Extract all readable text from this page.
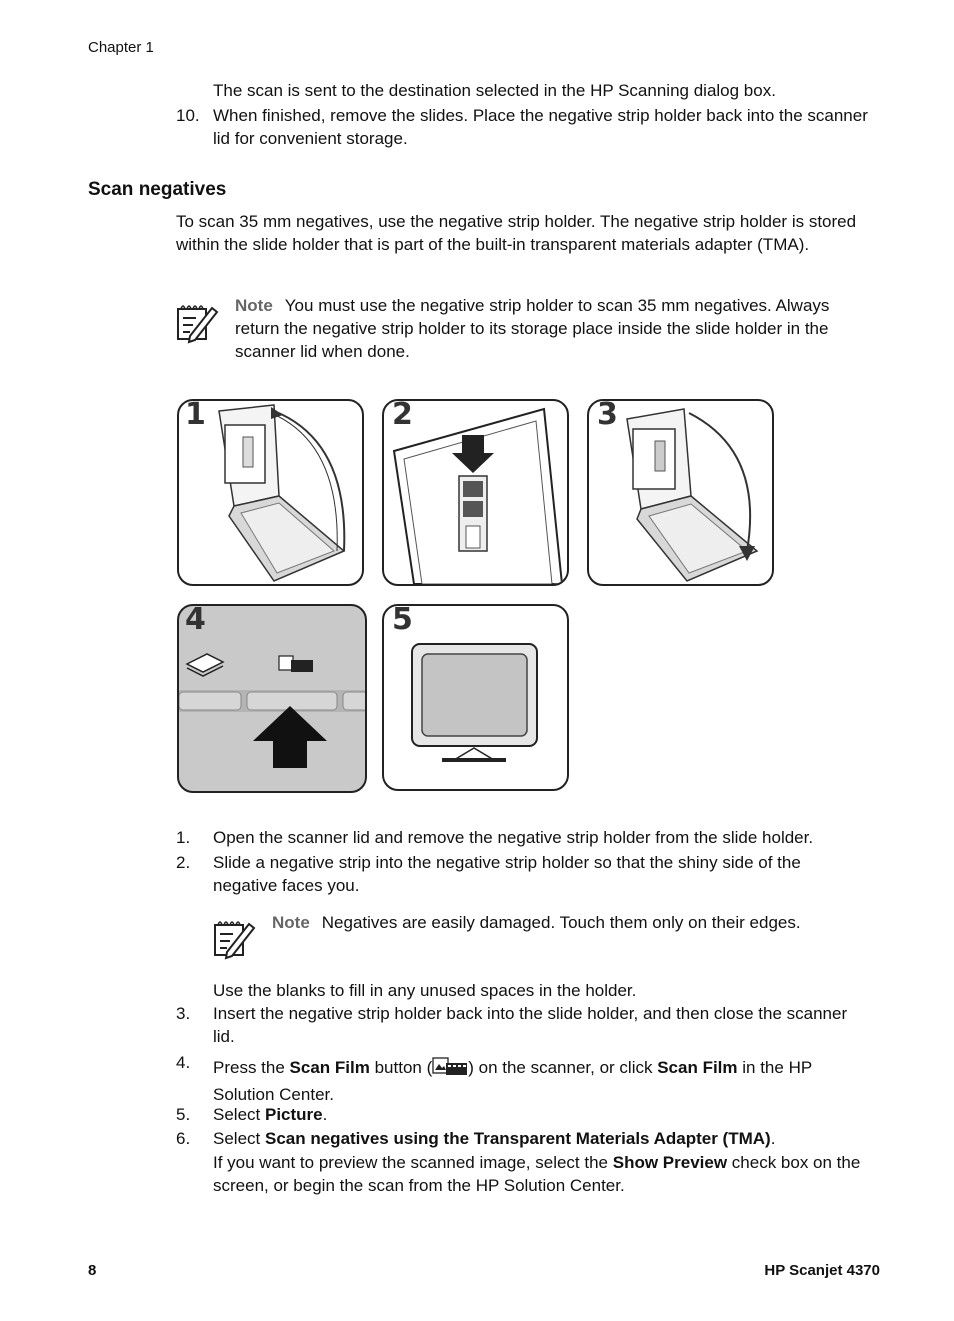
Chapter 1
The scan is sent to the destination selected in the HP Scanning dialog box.
10. When finished, remove the slides. Place the negative strip holder back into the scanner lid for convenient storage.
Scan negatives
To scan 35 mm negatives, use the negative strip holder. The negative strip holder is stored within the slide holder that is part of the built-in transparent materials adapter (TMA).
Note You must use the negative strip holder to scan 35 mm negatives. Always return the negative strip holder to its storage place inside the slide holder in the scanner lid when done.
1	2	3
4	5
1.	Open the scanner lid and remove the negative strip holder from the slide holder.
2.	Slide a negative strip into the negative strip holder so that the shiny side of the negative faces you.
Note Negatives are easily damaged. Touch them only on their edges.
Use the blanks to fill in any unused spaces in the holder.
3.	Insert the negative strip holder back into the slide holder, and then close the scanner lid.
4.	Press the Scan Film button ( ) on the scanner, or click Scan Film in the HP Solution Center.
5.	Select Picture.
6.	Select Scan negatives using the Transparent Materials Adapter (TMA).
If you want to preview the scanned image, select the Show Preview check box on the screen, or begin the scan from the HP Solution Center.
8	HP Scanjet 4370
